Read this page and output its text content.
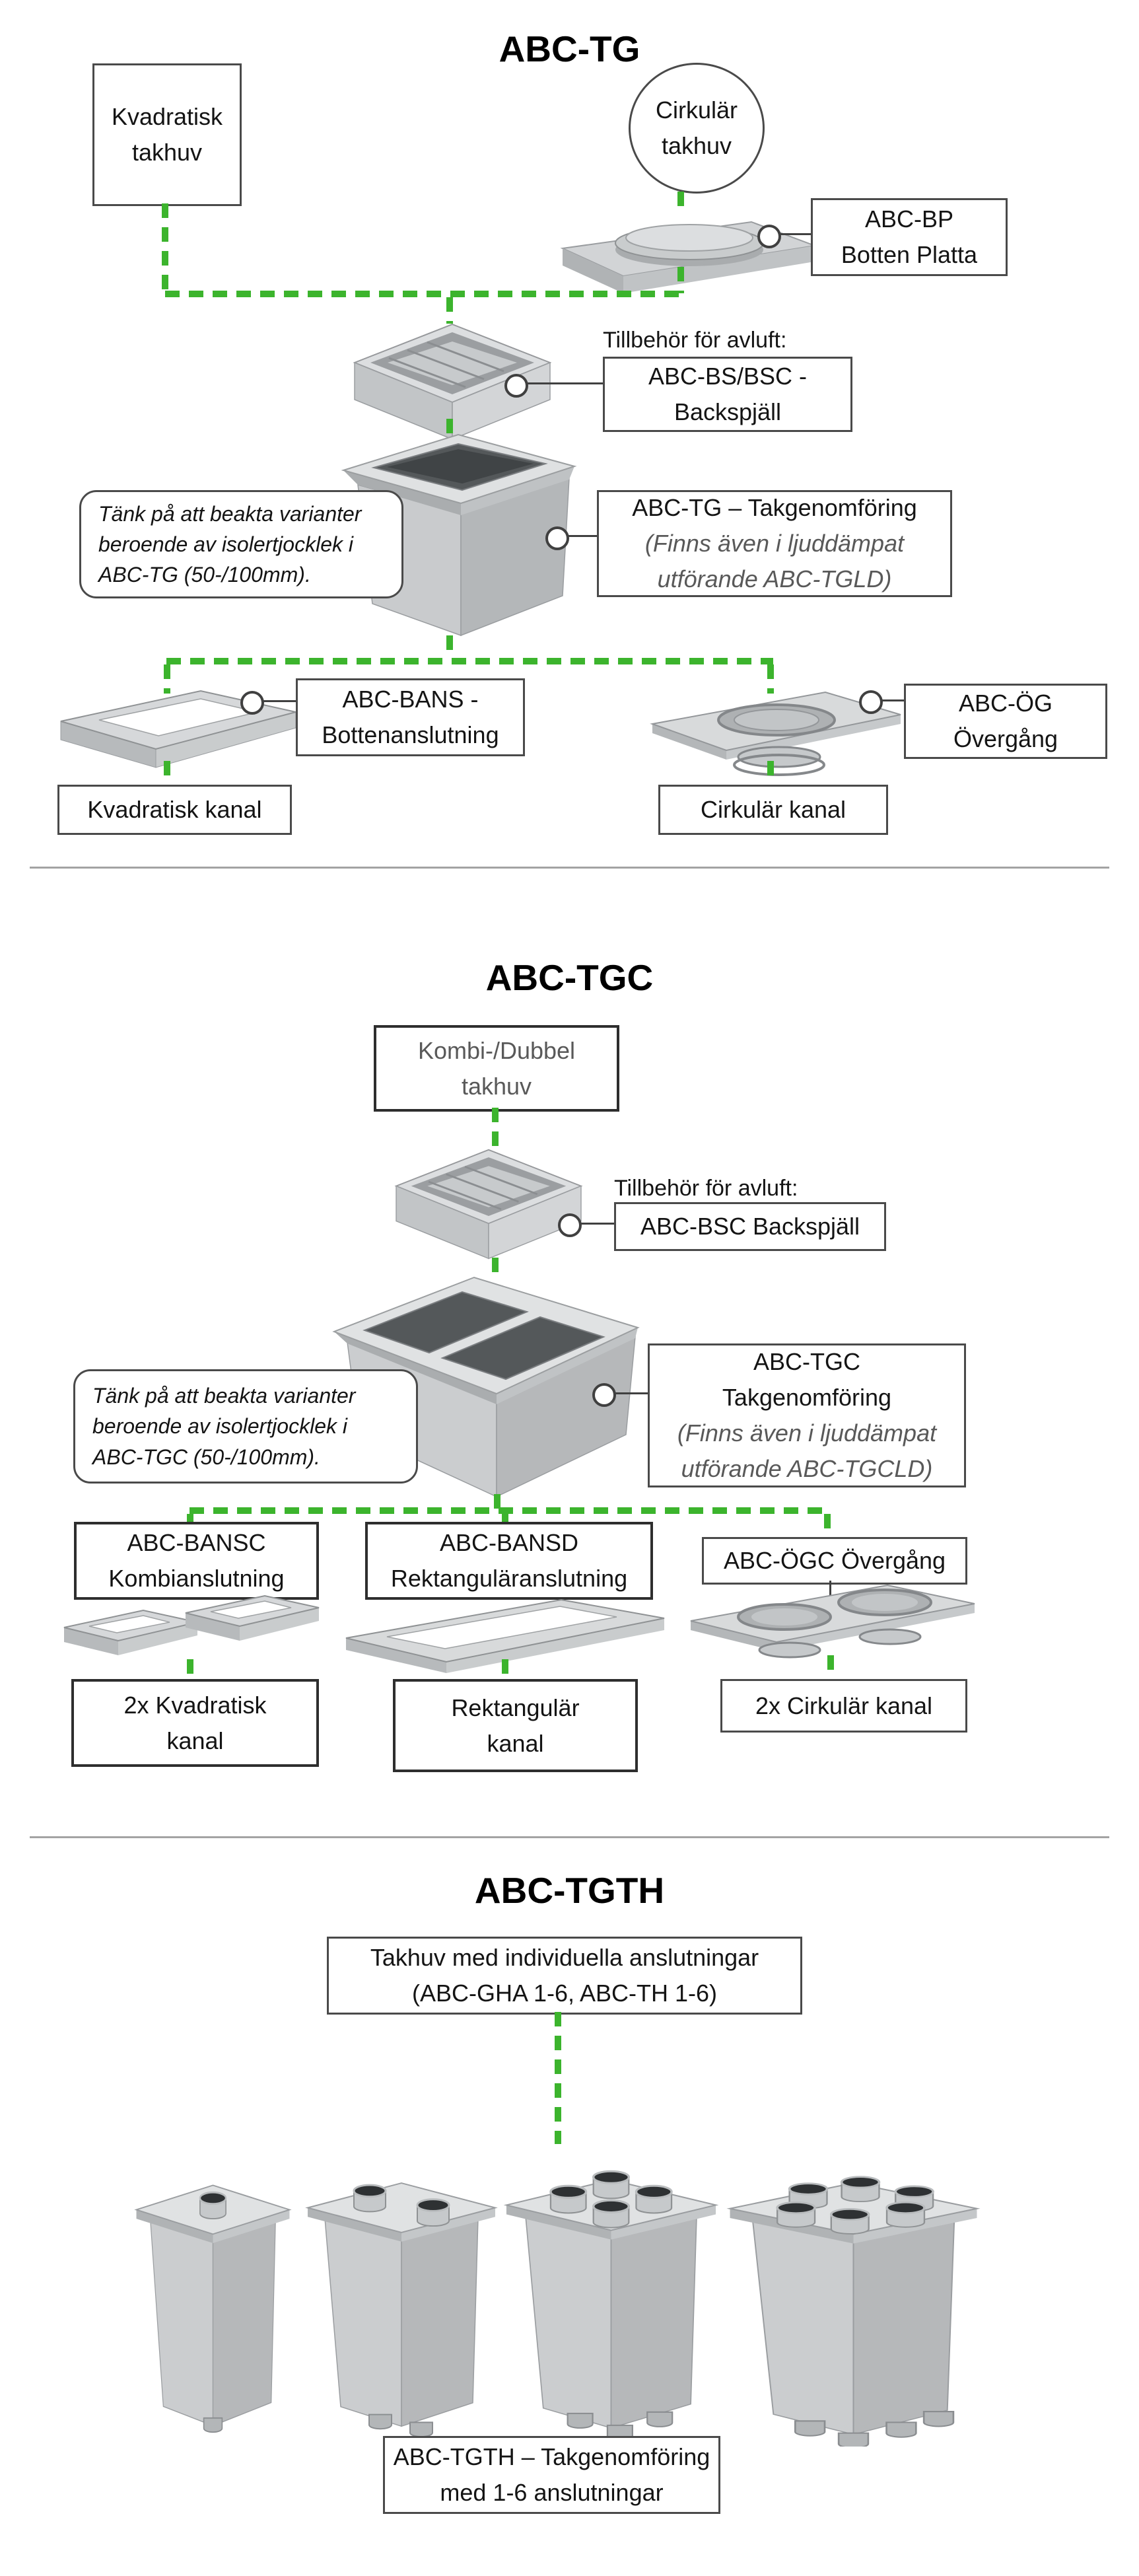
ABC-TG
Kvadratisk
takhuv
Cirkulär
takhuv
ABC-BP
Botten Platta
Tillbehör för avluft:
ABC-BS/BSC -
Backspjäll
Tänk på att beakta varianter
beroende av isolertjocklek i
ABC-TG (50-/100mm).
ABC-TG – Takgenomföring
(Finns även i ljuddämpat
utförande ABC-TGLD)
ABC-BANS -
Bottenanslutning
ABC-ÖG
Övergång
Kvadratisk kanal	Cirkulär kanal
ABC-TGC
Kombi-/Dubbel
takhuv
Tillbehör för avluft:
ABC-BSC Backspjäll
Tänk på att beakta varianter
beroende av isolertjocklek i
ABC-TGC (50-/100mm).
ABC-TGC
Takgenomföring
(Finns även i ljuddämpat
utförande ABC-TGCLD)
ABC-BANSC
Kombianslutning
ABC-BANSD
Rektanguläranslutning
ABC-ÖGC Övergång
2x Kvadratisk
kanal
Rektangulär
kanal
2x Cirkulär kanal
ABC-TGTH
Takhuv med individuella anslutningar
(ABC-GHA 1-6, ABC-TH 1-6)
ABC-TGTH – Takgenomföring
med 1-6 anslutningar
